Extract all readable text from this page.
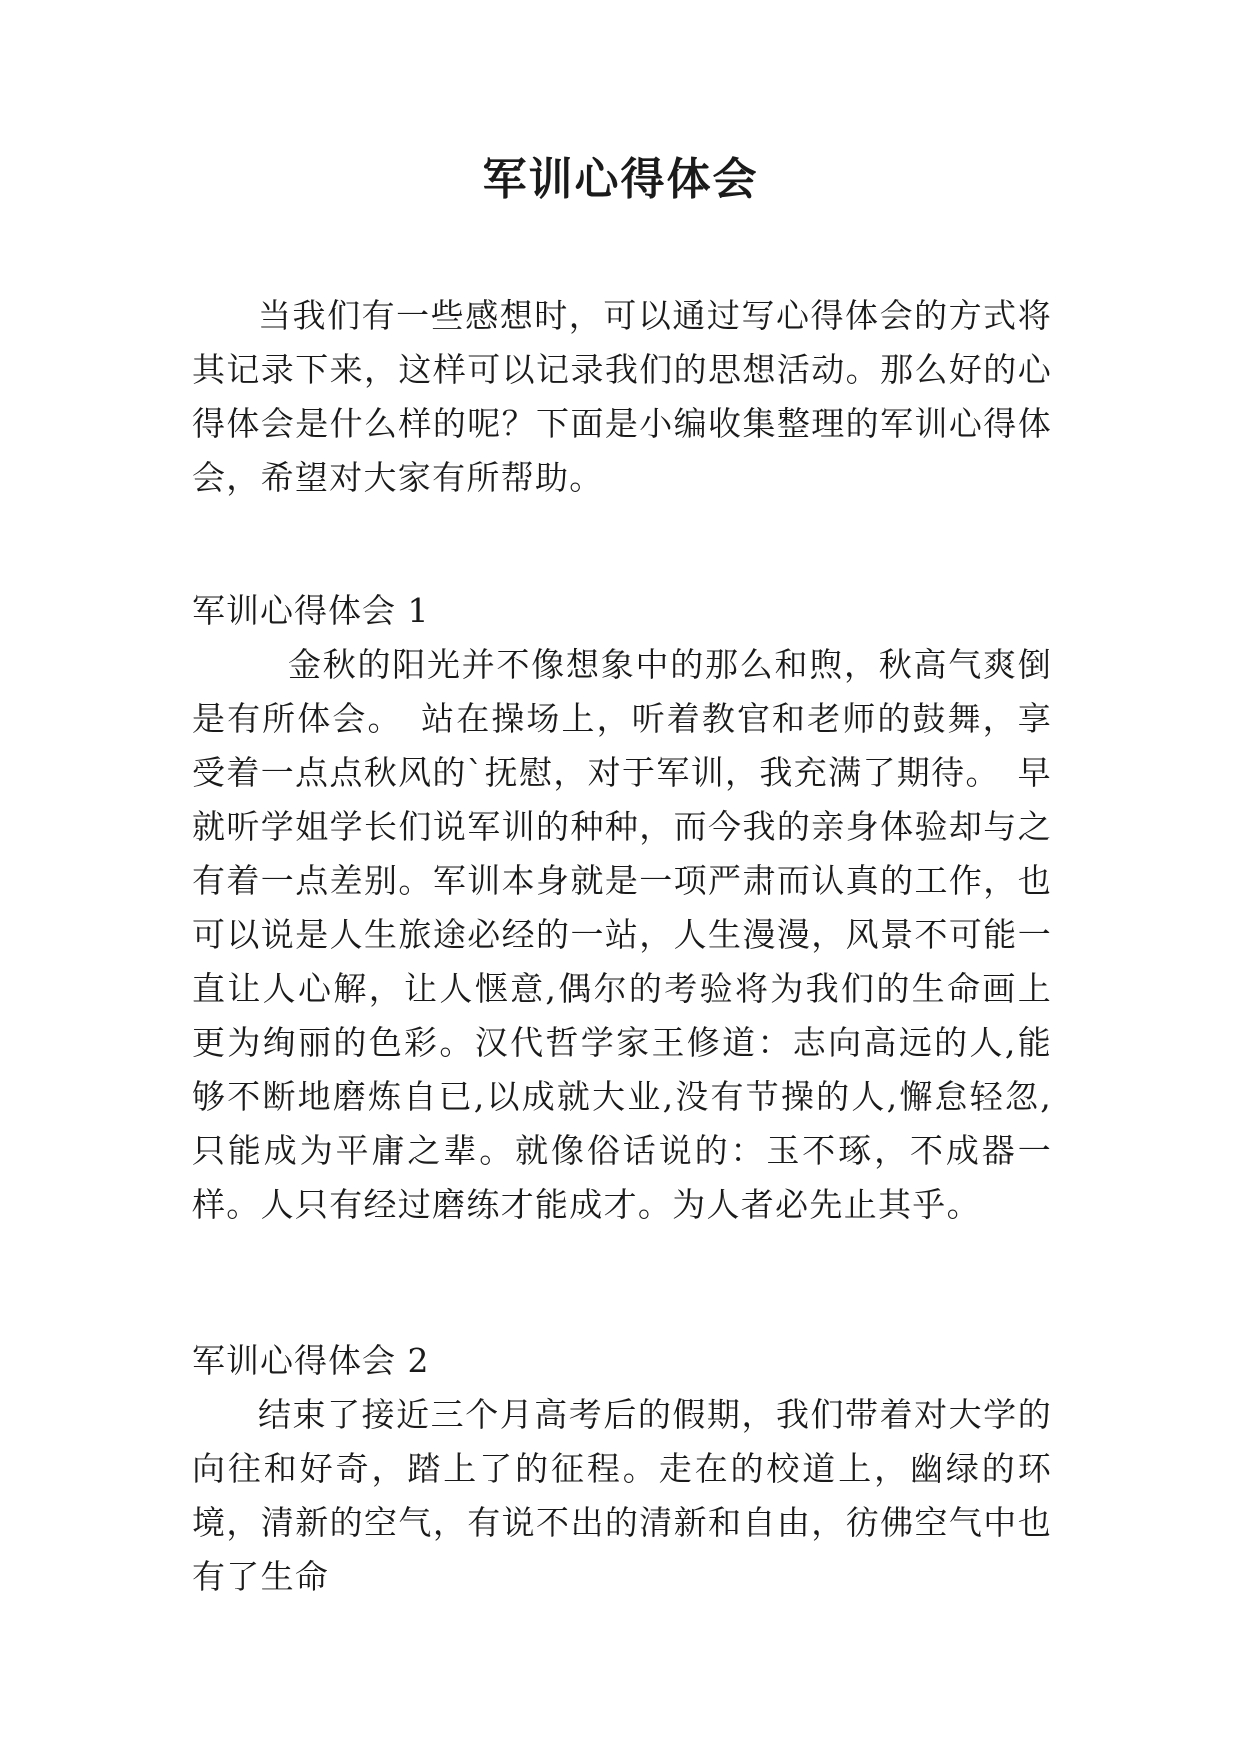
军训心得体会

当我们有一些感想时，可以通过写心得体会的方式将其记录下来，这样可以记录我们的思想活动。那么好的心得体会是什么样的呢？下面是小编收集整理的军训心得体会，希望对大家有所帮助。

军训心得体会 1

金秋的阳光并不像想象中的那么和煦，秋高气爽倒是有所体会。　站在操场上，听着教官和老师的鼓舞，享受着一点点秋风的`抚慰，对于军训，我充满了期待。　早就听学姐学长们说军训的种种，而今我的亲身体验却与之有着一点差别。军训本身就是一项严肃而认真的工作，也可以说是人生旅途必经的一站，人生漫漫，风景不可能一直让人心解，让人惬意,偶尔的考验将为我们的生命画上更为绚丽的色彩。汉代哲学家王修道：志向高远的人,能够不断地磨炼自已,以成就大业,没有节操的人,懈怠轻忽,只能成为平庸之辈。就像俗话说的：玉不琢，不成器一样。人只有经过磨练才能成才。为人者必先止其乎。

军训心得体会 2

结束了接近三个月高考后的假期，我们带着对大学的向往和好奇，踏上了的征程。走在的校道上，幽绿的环境，清新的空气，有说不出的清新和自由，彷佛空气中也有了生命
